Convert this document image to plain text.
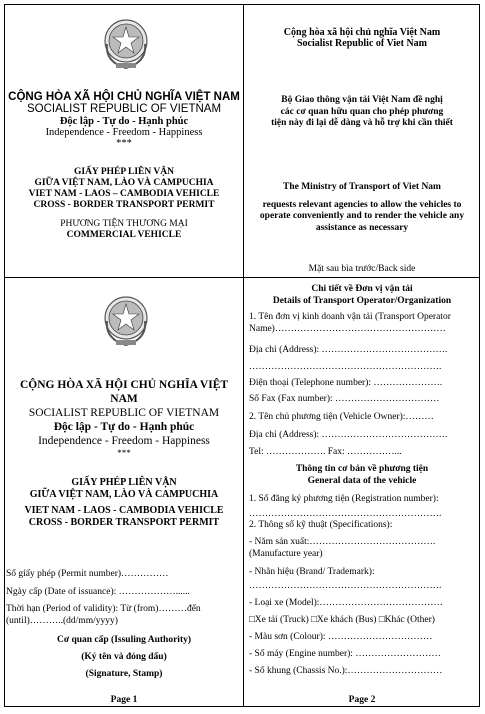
CỘNG HÒA XÃ HỘI CHỦ NGHĨA VIỆT NAM
SOCIALIST REPUBLIC OF VIETNAM
Độc lập - Tự do - Hạnh phúc
Independence - Freedom - Happiness
***
GIẤY PHÉP LIÊN VẬN
GIỮA VIỆT NAM, LÀO VÀ CAMPUCHIA
VIET NAM - LAOS – CAMBODIA VEHICLE
CROSS - BORDER TRANSPORT PERMIT
PHƯƠNG TIỆN THƯƠNG MẠI
COMMERCIAL VEHICLE
Cộng hòa xã hội chủ nghĩa Việt Nam
Socialist Republic of Viet Nam
Bộ Giao thông vận tải Việt Nam đề nghị
các cơ quan hữu quan cho phép phương
tiện này đi lại dễ dàng và hỗ trợ khi cần thiết
The Ministry of Transport of Viet Nam
requests relevant agencies to allow the vehicles to
operate conveniently and to render the vehicle any
assistance as necessary
Mặt sau bìa trước/Back side
CỘNG HÒA XÃ HỘI CHỦ NGHĨA VIỆT NAM
SOCIALIST REPUBLIC OF VIETNAM
Độc lập - Tự do - Hạnh phúc
Independence - Freedom - Happiness
***
GIẤY PHÉP LIÊN VẬN
GIỮA VIỆT NAM, LÀO VÀ CAMPUCHIA
VIET NAM - LAOS - CAMBODIA VEHICLE
CROSS - BORDER TRANSPORT PERMIT
Số giấy phép (Permit number)……………
Ngày cấp (Date of issuance): ………………......
Thời hạn (Period of validity): Từ (from)………đến
(until)………..(dd/mm/yyyy)
Cơ quan cấp (Issuling Authority)
(Ký tên và đóng dấu)
(Signature, Stamp)
Page 1
Chi tiết về Đơn vị vận tải
Details of Transport Operator/Organization
1. Tên đơn vị kinh doanh vận tải (Transport Operator
Name)………………………………………………
Địa chỉ (Address): ………………………………….
…………………………………………………….
Điện thoại (Telephone number): ………………….
Số Fax (Fax number): ……………………………
2. Tên chủ phương tiện (Vehicle Owner):………
Địa chỉ (Address): ………………………………….
Tel: ………………. Fax: ……………...
Thông tin cơ bản về phương tiện
General data of the vehicle
1. Số đăng ký phương tiện (Registration number):
…………………………………………………….
2. Thông số kỹ thuật (Specifications):
- Năm sản xuất:………………………………….
(Manufacture year)
- Nhãn hiệu (Brand/ Trademark):
…………………………………………………….
- Loại xe (Model):…………………………………
□Xe tải (Truck) □Xe khách (Bus) □Khác (Other)
- Màu sơn (Colour): ……………………………
- Số máy (Engine number): ………………………
- Số khung (Chassis No.):…………………………
Page 2
